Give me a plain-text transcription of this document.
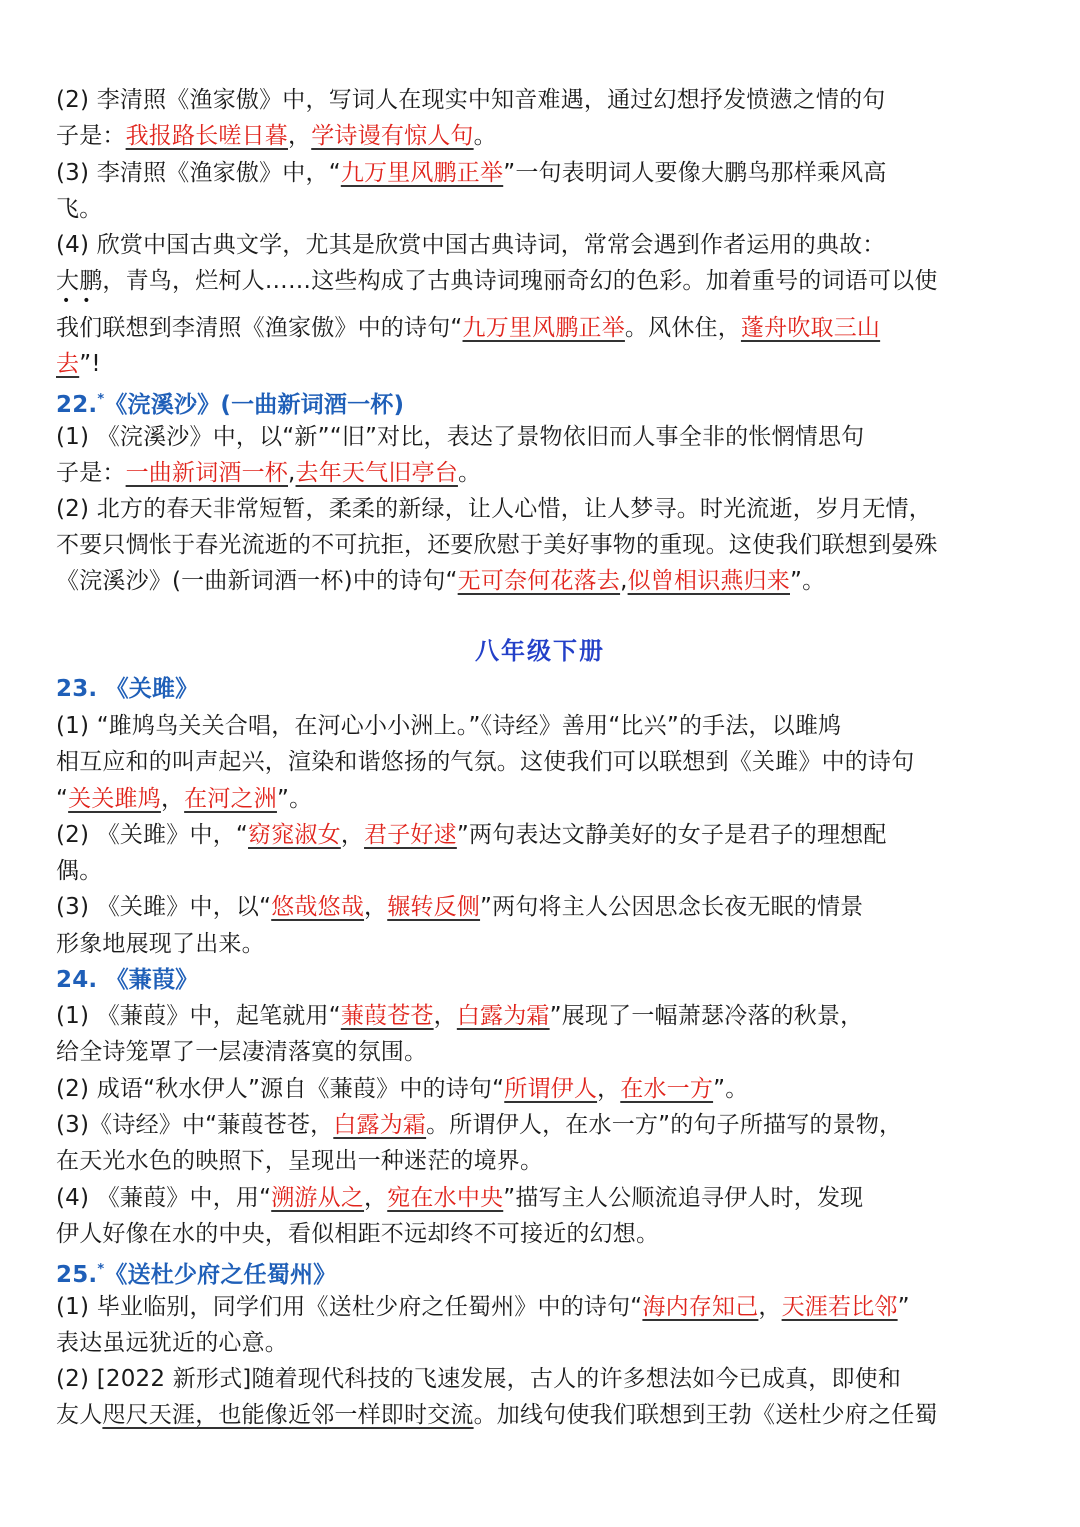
(2) 李清照《渔家傲》中，写词人在现实中知音难遇，通过幻想抒发愤懑之情的句
子是：我报路长嗟日暮，学诗谩有惊人句。
(3) 李清照《渔家傲》中，“九万里风鹏正举”一句表明词人要像大鹏鸟那样乘风高
飞。
(4) 欣赏中国古典文学，尤其是欣赏中国古典诗词，常常会遇到作者运用的典故：
大鹏，青鸟，烂柯人……这些构成了古典诗词瑰丽奇幻的色彩。加着重号的词语可以使
••
我们联想到李清照《渔家傲》中的诗句“九万里风鹏正举。风休住，蓬舟吹取三山
去”!
22.*《浣溪沙》(一曲新词酒一杯)
(1) 《浣溪沙》中，以“新”“旧”对比，表达了景物依旧而人事全非的怅惘情思句
子是：一曲新词酒一杯,去年天气旧亭台。
(2) 北方的春天非常短暂，柔柔的新绿，让人心惜，让人梦寻。时光流逝，岁月无情，
不要只惆怅于春光流逝的不可抗拒，还要欣慰于美好事物的重现。这使我们联想到晏殊
《浣溪沙》(一曲新词酒一杯)中的诗句“无可奈何花落去,似曾相识燕归来”。
八年级下册
23. 《关雎》
(1) “雎鸠鸟关关合唱，在河心小小洲上。”《诗经》善用“比兴”的手法，以雎鸠
相互应和的叫声起兴，渲染和谐悠扬的气氛。这使我们可以联想到《关雎》中的诗句
“关关雎鸠，在河之洲”。
(2) 《关雎》中，“窈窕淑女，君子好逑”两句表达文静美好的女子是君子的理想配
偶。
(3) 《关雎》中，以“悠哉悠哉，辗转反侧”两句将主人公因思念长夜无眠的情景
形象地展现了出来。
24. 《蒹葭》
(1) 《蒹葭》中，起笔就用“蒹葭苍苍，白露为霜”展现了一幅萧瑟冷落的秋景，
给全诗笼罩了一层凄清落寞的氛围。
(2) 成语“秋水伊人”源自《蒹葭》中的诗句“所谓伊人，在水一方”。
(3)《诗经》中“蒹葭苍苍，白露为霜。所谓伊人，在水一方”的句子所描写的景物，
在天光水色的映照下，呈现出一种迷茫的境界。
(4) 《蒹葭》中，用“溯游从之，宛在水中央”描写主人公顺流追寻伊人时，发现
伊人好像在水的中央，看似相距不远却终不可接近的幻想。
25.*《送杜少府之任蜀州》
(1) 毕业临别，同学们用《送杜少府之任蜀州》中的诗句“海内存知己，天涯若比邻”
表达虽远犹近的心意。
(2) [2022 新形式]随着现代科技的飞速发展，古人的许多想法如今已成真，即使和
友人咫尺天涯，也能像近邻一样即时交流。加线句使我们联想到王勃《送杜少府之任蜀
